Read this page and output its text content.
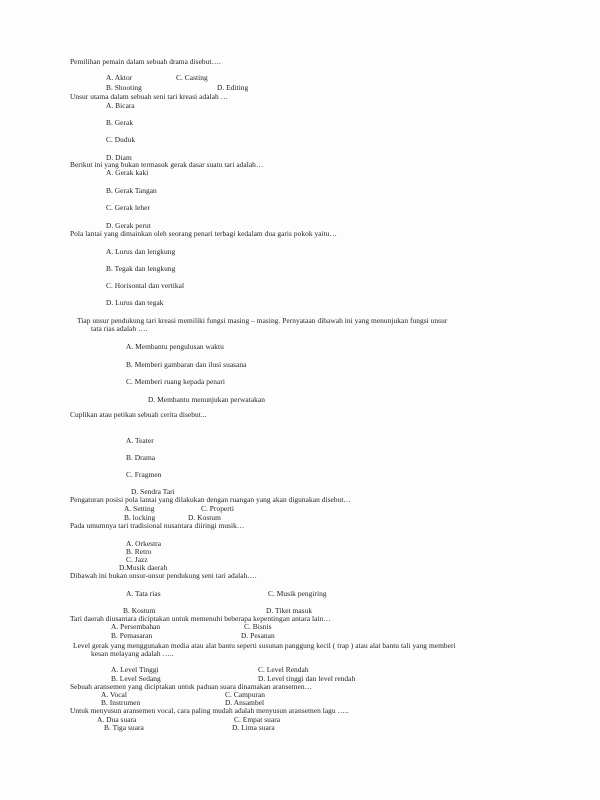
Pemilihan pemain dalam sebuah drama disebut….
A. Aktor	C. Casting
B. Shooting	D. Editing
Unsur utama dalam sebuah seni tari kreasi adalah …
A. Bicara
B. Gerak
C. Duduk
D. Diam
Berikut ini yang bukan termasuk gerak dasar suatu tari adalah…
A. Gerak kaki
B. Gerak Tangan
C. Gerak leher
D. Gerak perut
Pola lantai yang dimainkan oleh seorang penari terbagi kedalam dua garis pokok yaitu…
A. Lurus dan lengkung
B. Tegak dan lengkung
C. Horisontal dan vertikal
D. Lurus dan tegak
Tiap unsur pendukung tari kreasi memiliki fungsi masing – masing. Pernyataan dibawah ini yang menunjukan fungsi unsur
tata rias adalah ….
A. Membantu pengulusan waktu
B. Memberi gambaran dan ilusi suasana
C. Memberi ruang kepada penari
D. Membantu menunjukan perwatakan
Cuplikan atau petikan sebuah cerita disebut...
A. Teater
B. Drama
C. Fragmen
D. Sendra Tari
Pengaturan posisi pola lantai yang dilakukan dengan ruangan yang akan digunakan disebut…
A. Setting	C. Properti
B. locking	D. Kostum
Pada umumnya tari tradisional nusantara diiringi musik…
A. Orkestra
B. Retro
C. Jazz
D.Musik daerah
Dibawah ini bukan unsur-unsur pendukung seni tari adalah….
A. Tata rias	C. Musik pengiring
B. Kostum	D. Tiket masuk
Tari daerah diusantara diciptakan untuk memenuhi beberapa kepentingan antara lain…
A. Persembahan	C. Bisnis
B. Pemasaran	D. Pesanan
Level gerak yang menggunakan media atau alat bantu seperti susunan panggung kecil ( trap ) atau alat bantu tali yang memberi
kesan melayang adalah …..
A. Level Tinggi	C. Level Rendah
B. Level Sedang	D. Level tinggi dan level rendah
Sebuah aransemen yang diciptakan untuk paduan suara dinamakan aransemen…
A. Vocal	C. Campuran
B. Instrumen	D. Ansambel
Untuk menyusun aransemen vocal, cara paling mudah adalah menyusun aransemen lagu …..
A. Dua suara	C. Empat suara
B. Tiga suara	D. Lima suara
